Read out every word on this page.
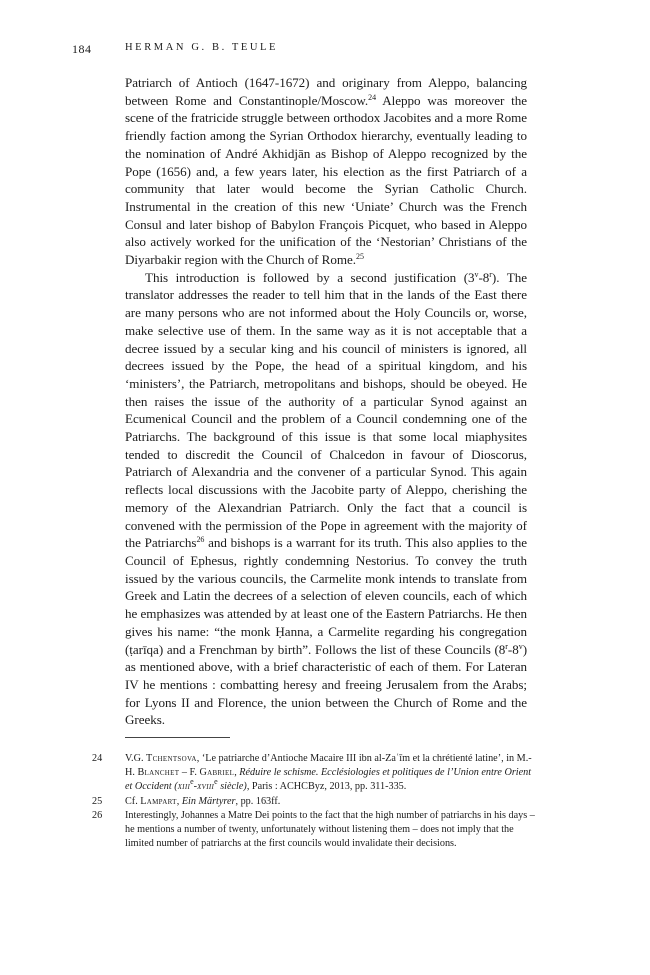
184	HERMAN G. B. TEULE

Patriarch of Antioch (1647-1672) and originary from Aleppo, balancing between Rome and Constantinople/Moscow.$^{24}$ Aleppo was moreover the scene of the fratricide struggle between orthodox Jacobites and a more Rome friendly faction among the Syrian Orthodox hierarchy, eventually leading to the nomination of André Akhidjān as Bishop of Aleppo recognized by the Pope (1656) and, a few years later, his election as the first Patriarch of a community that later would become the Syrian Catholic Church. Instrumental in the creation of this new ‘Uniate’ Church was the French Consul and later bishop of Babylon François Picquet, who based in Aleppo also actively worked for the unification of the ‘Nestorian’ Christians of the Diyarbakir region with the Church of Rome.$^{25}$

This introduction is followed by a second justification (3$^v$-8$^r$). The translator addresses the reader to tell him that in the lands of the East there are many persons who are not informed about the Holy Councils or, worse, make selective use of them. In the same way as it is not acceptable that a decree issued by a secular king and his council of ministers is ignored, all decrees issued by the Pope, the head of a spiritual kingdom, and his ‘ministers’, the Patriarch, metropolitans and bishops, should be obeyed. He then raises the issue of the authority of a particular Synod against an Ecumenical Council and the problem of a Council condemning one of the Patriarchs. The background of this issue is that some local miaphysites tended to discredit the Council of Chalcedon in favour of Dioscorus, Patriarch of Alexandria and the convener of a particular Synod. This again reflects local discussions with the Jacobite party of Aleppo, cherishing the memory of the Alexandrian Patriarch. Only the fact that a council is convened with the permission of the Pope in agreement with the majority of the Patriarchs$^{26}$ and bishops is a warrant for its truth. This also applies to the Council of Ephesus, rightly condemning Nestorius. To convey the truth issued by the various councils, the Carmelite monk intends to translate from Greek and Latin the decrees of a selection of eleven councils, each of which he emphasizes was attended by at least one of the Eastern Patriarchs. He then gives his name: “the monk Ḥanna, a Carmelite regarding his congregation (ṭarīqa) and a Frenchman by birth”. Follows the list of these Councils (8$^r$-8$^v$) as mentioned above, with a brief characteristic of each of them. For Lateran IV he mentions : combatting heresy and freeing Jerusalem from the Arabs; for Lyons II and Florence, the union between the Church of Rome and the Greeks.

24	V.G. Tchentsova, ‘Le patriarche d’Antioche Macaire III ibn al-Zaʿīm et la chrétienté latine’, in M.-H. Blanchet – F. Gabriel, Réduire le schisme. Ecclésiologies et politiques de l’Union entre Orient et Occident (xiii$^e$-xviii$^e$ siècle), Paris : ACHCByz, 2013, pp. 311-335.

25	Cf. Lampart, Ein Märtyrer, pp. 163ff.

26	Interestingly, Johannes a Matre Dei points to the fact that the high number of patriarchs in his days – he mentions a number of twenty, unfortunately without listening them – does not imply that the limited number of patriarchs at the first councils would invalidate their decisions.
